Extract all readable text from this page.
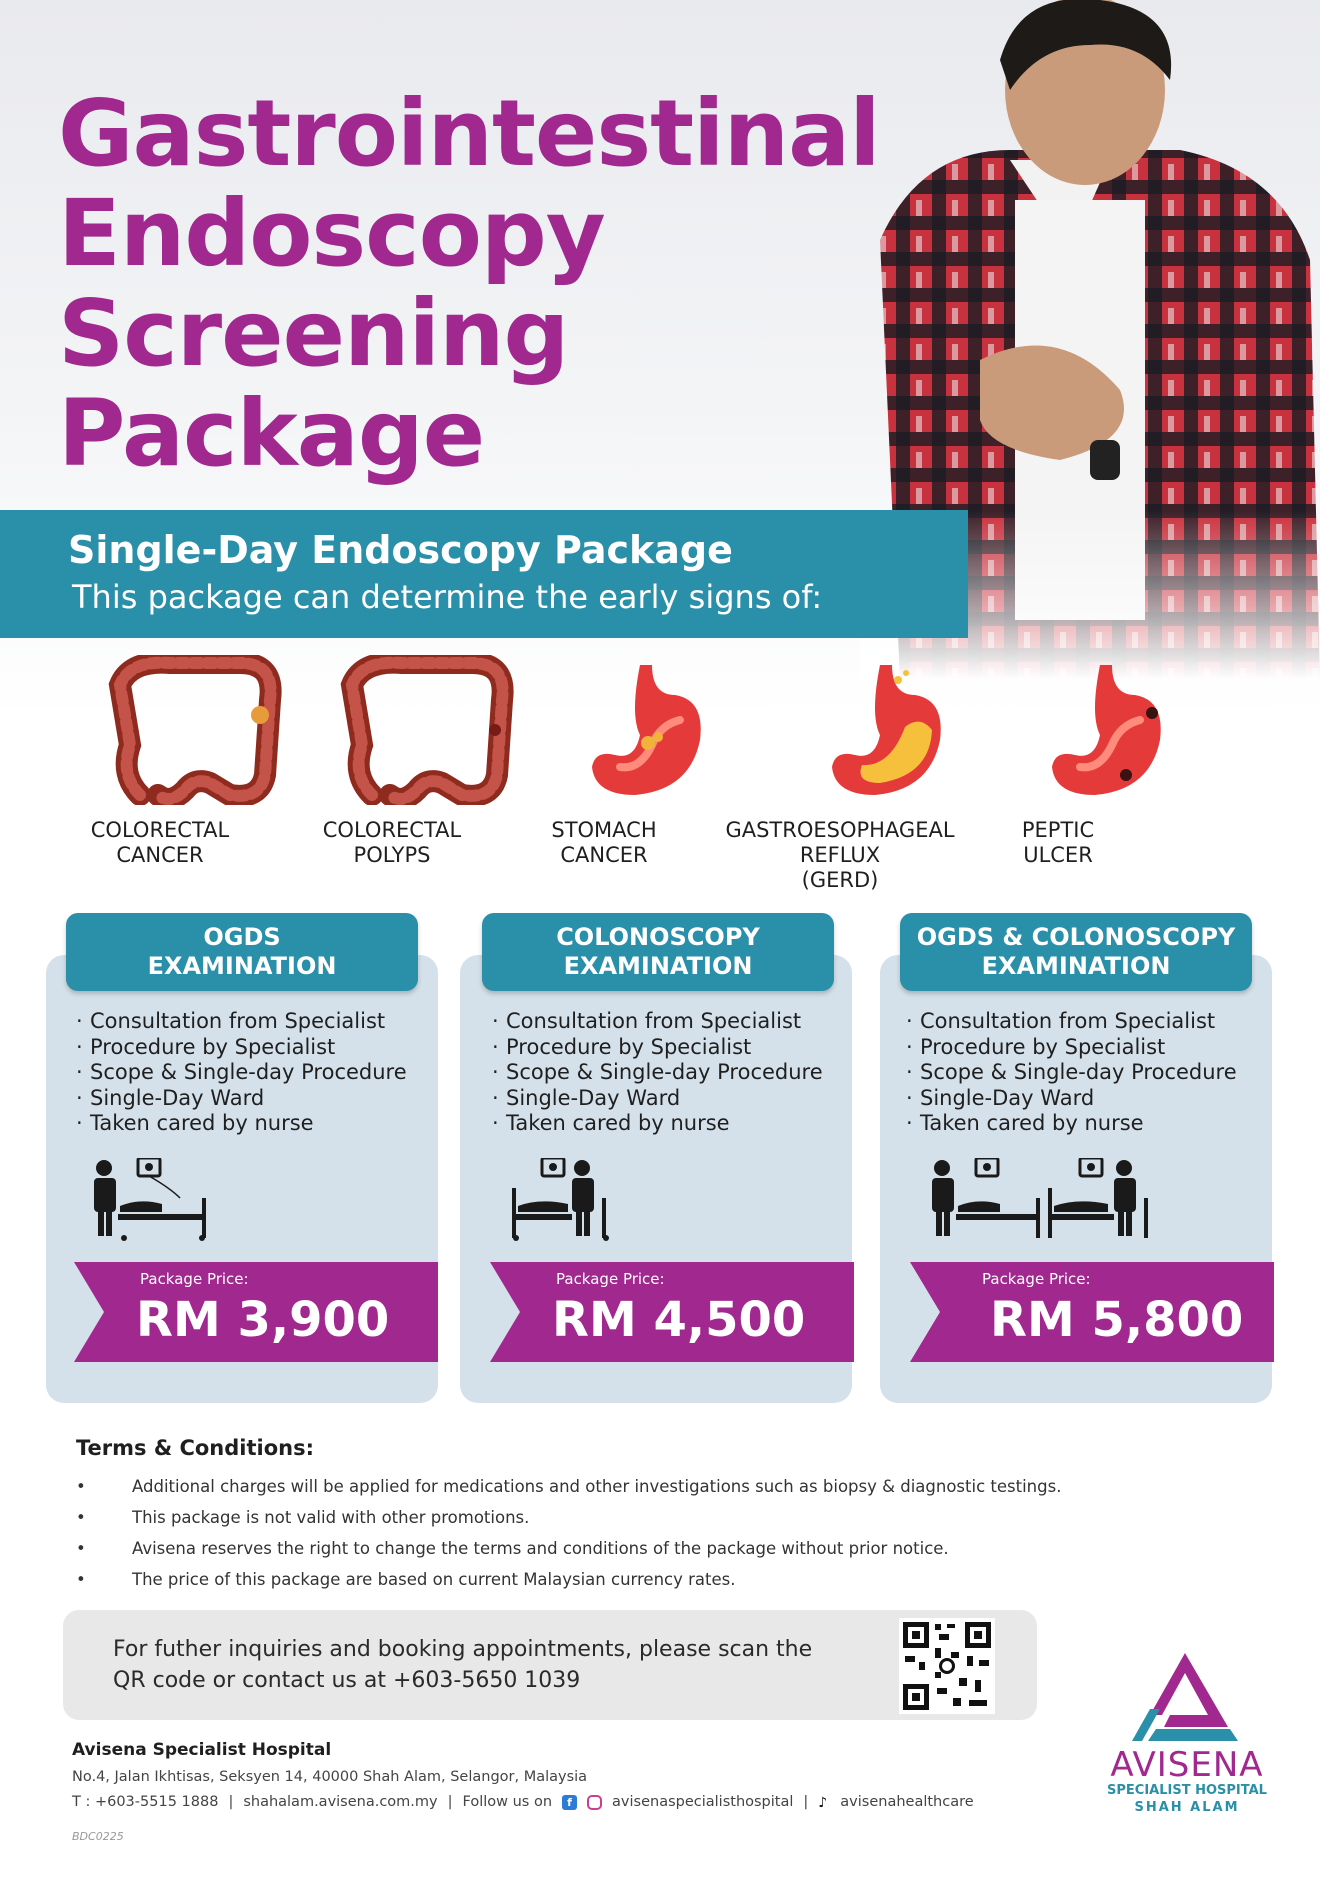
Gastrointestinal
Endoscopy
Screening
Package
Single-Day Endoscopy Package
This package can determine the early signs of:
COLORECTAL
CANCER
COLORECTAL
POLYPS
STOMACH
CANCER
GASTROESOPHAGEAL
REFLUX
(GERD)
PEPTIC
ULCER
OGDS
EXAMINATION
· Consultation from Specialist
· Procedure by Specialist
· Scope & Single-day Procedure
· Single-Day Ward
· Taken cared by nurse
Package Price:
RM 3,900
COLONOSCOPY
EXAMINATION
· Consultation from Specialist
· Procedure by Specialist
· Scope & Single-day Procedure
· Single-Day Ward
· Taken cared by nurse
Package Price:
RM 4,500
OGDS & COLONOSCOPY
EXAMINATION
· Consultation from Specialist
· Procedure by Specialist
· Scope & Single-day Procedure
· Single-Day Ward
· Taken cared by nurse
Package Price:
RM 5,800
Terms & Conditions:
• Additional charges will be applied for medications and other investigations such as biopsy & diagnostic testings.
• This package is not valid with other promotions.
• Avisena reserves the right to change the terms and conditions of the package without prior notice.
• The price of this package are based on current Malaysian currency rates.
For futher inquiries and booking appointments, please scan the QR code or contact us at +603-5650 1039
Avisena Specialist Hospital
No.4, Jalan Ikhtisas, Seksyen 14, 40000 Shah Alam, Selangor, Malaysia
T : +603-5515 1888 | shahalam.avisena.com.my | Follow us on	f	avisenaspecialisthospital | ♪ avisenahealthcare
BDC0225
AVISENA
SPECIALIST HOSPITAL
SHAH ALAM
